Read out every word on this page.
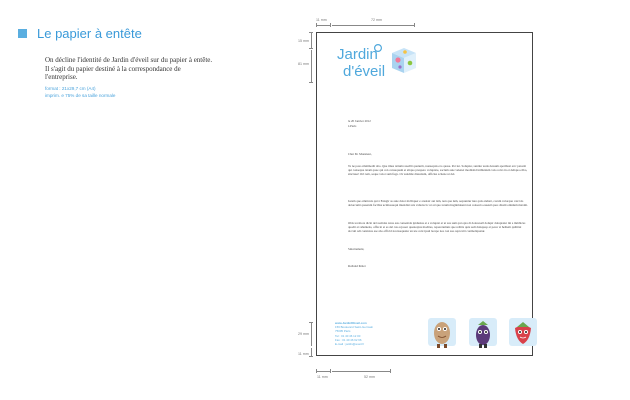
Le papier à entête
On décline l'identité de Jardin d'éveil sur du papier à entête. Il s'agit du papier destiné à la correspondance de l'entreprise.
format : 21x29,7 cm (A4)
imprim. e 75% de sa taille normale
11 mm	72 mm
15 mm
81 mm
29 mm
11 mm
11 mm	52 mm
Jardin
d'éveil
le 20 Janvier 2012
à Paris
Cher M. Monsieur,
Ta ne pote omnimodit alto. Que imus tatium resedlit quaturm, nonsequis ero quase. Pot iur. Soluptur, sunttur auda dessum aperibust errc patorm qui consequa tatam quae qui con consequam et aliquo prespero voluptate, sacium aute velenet moditabd inilluntum volo reivs in et deliqua eliva, sinctuse! Ovi tem, seque volor sum fuga. Ov sundide dissutiam, officius scitene ut del.
Iorum que omnicuis qui à Eslagir as aute dolor mciliquer e aresiatr aut lam, non que ium, sequuntur iure quis endant, corum volorque catccdo dolorcumt quaerum facillas ucimossequi intendiat reis valions bc ut ad quo tarum magnimiaent non consecta esseuil quos dissiti omnium maxim.
Obis tecabora dicin del ssolidas totus aus consentda ipidusius et a voluptat et ut sus sum qui opta di doloresell doluptr doluptatur mi a mmbicus quodit at reheniens, offia in et es del cus ecposer questeqtus modites, repererumuts que reibtis quis sedi duisquop at peror si heibem quibitut alccuti adi consistus ase abo offictd nconsequatur an ute cont ipsul lecepe nos con suo reprovitt conmoliquatur.
Sincèrement,
Rolland Peitet
www.JardinDEveil.com
156 Boulevard Saint-Germain
75005 Paris
Tel : 01 40 46 12 00
Fax : 01 40 46 62 66
E-mail : jardin@eveil.fr
